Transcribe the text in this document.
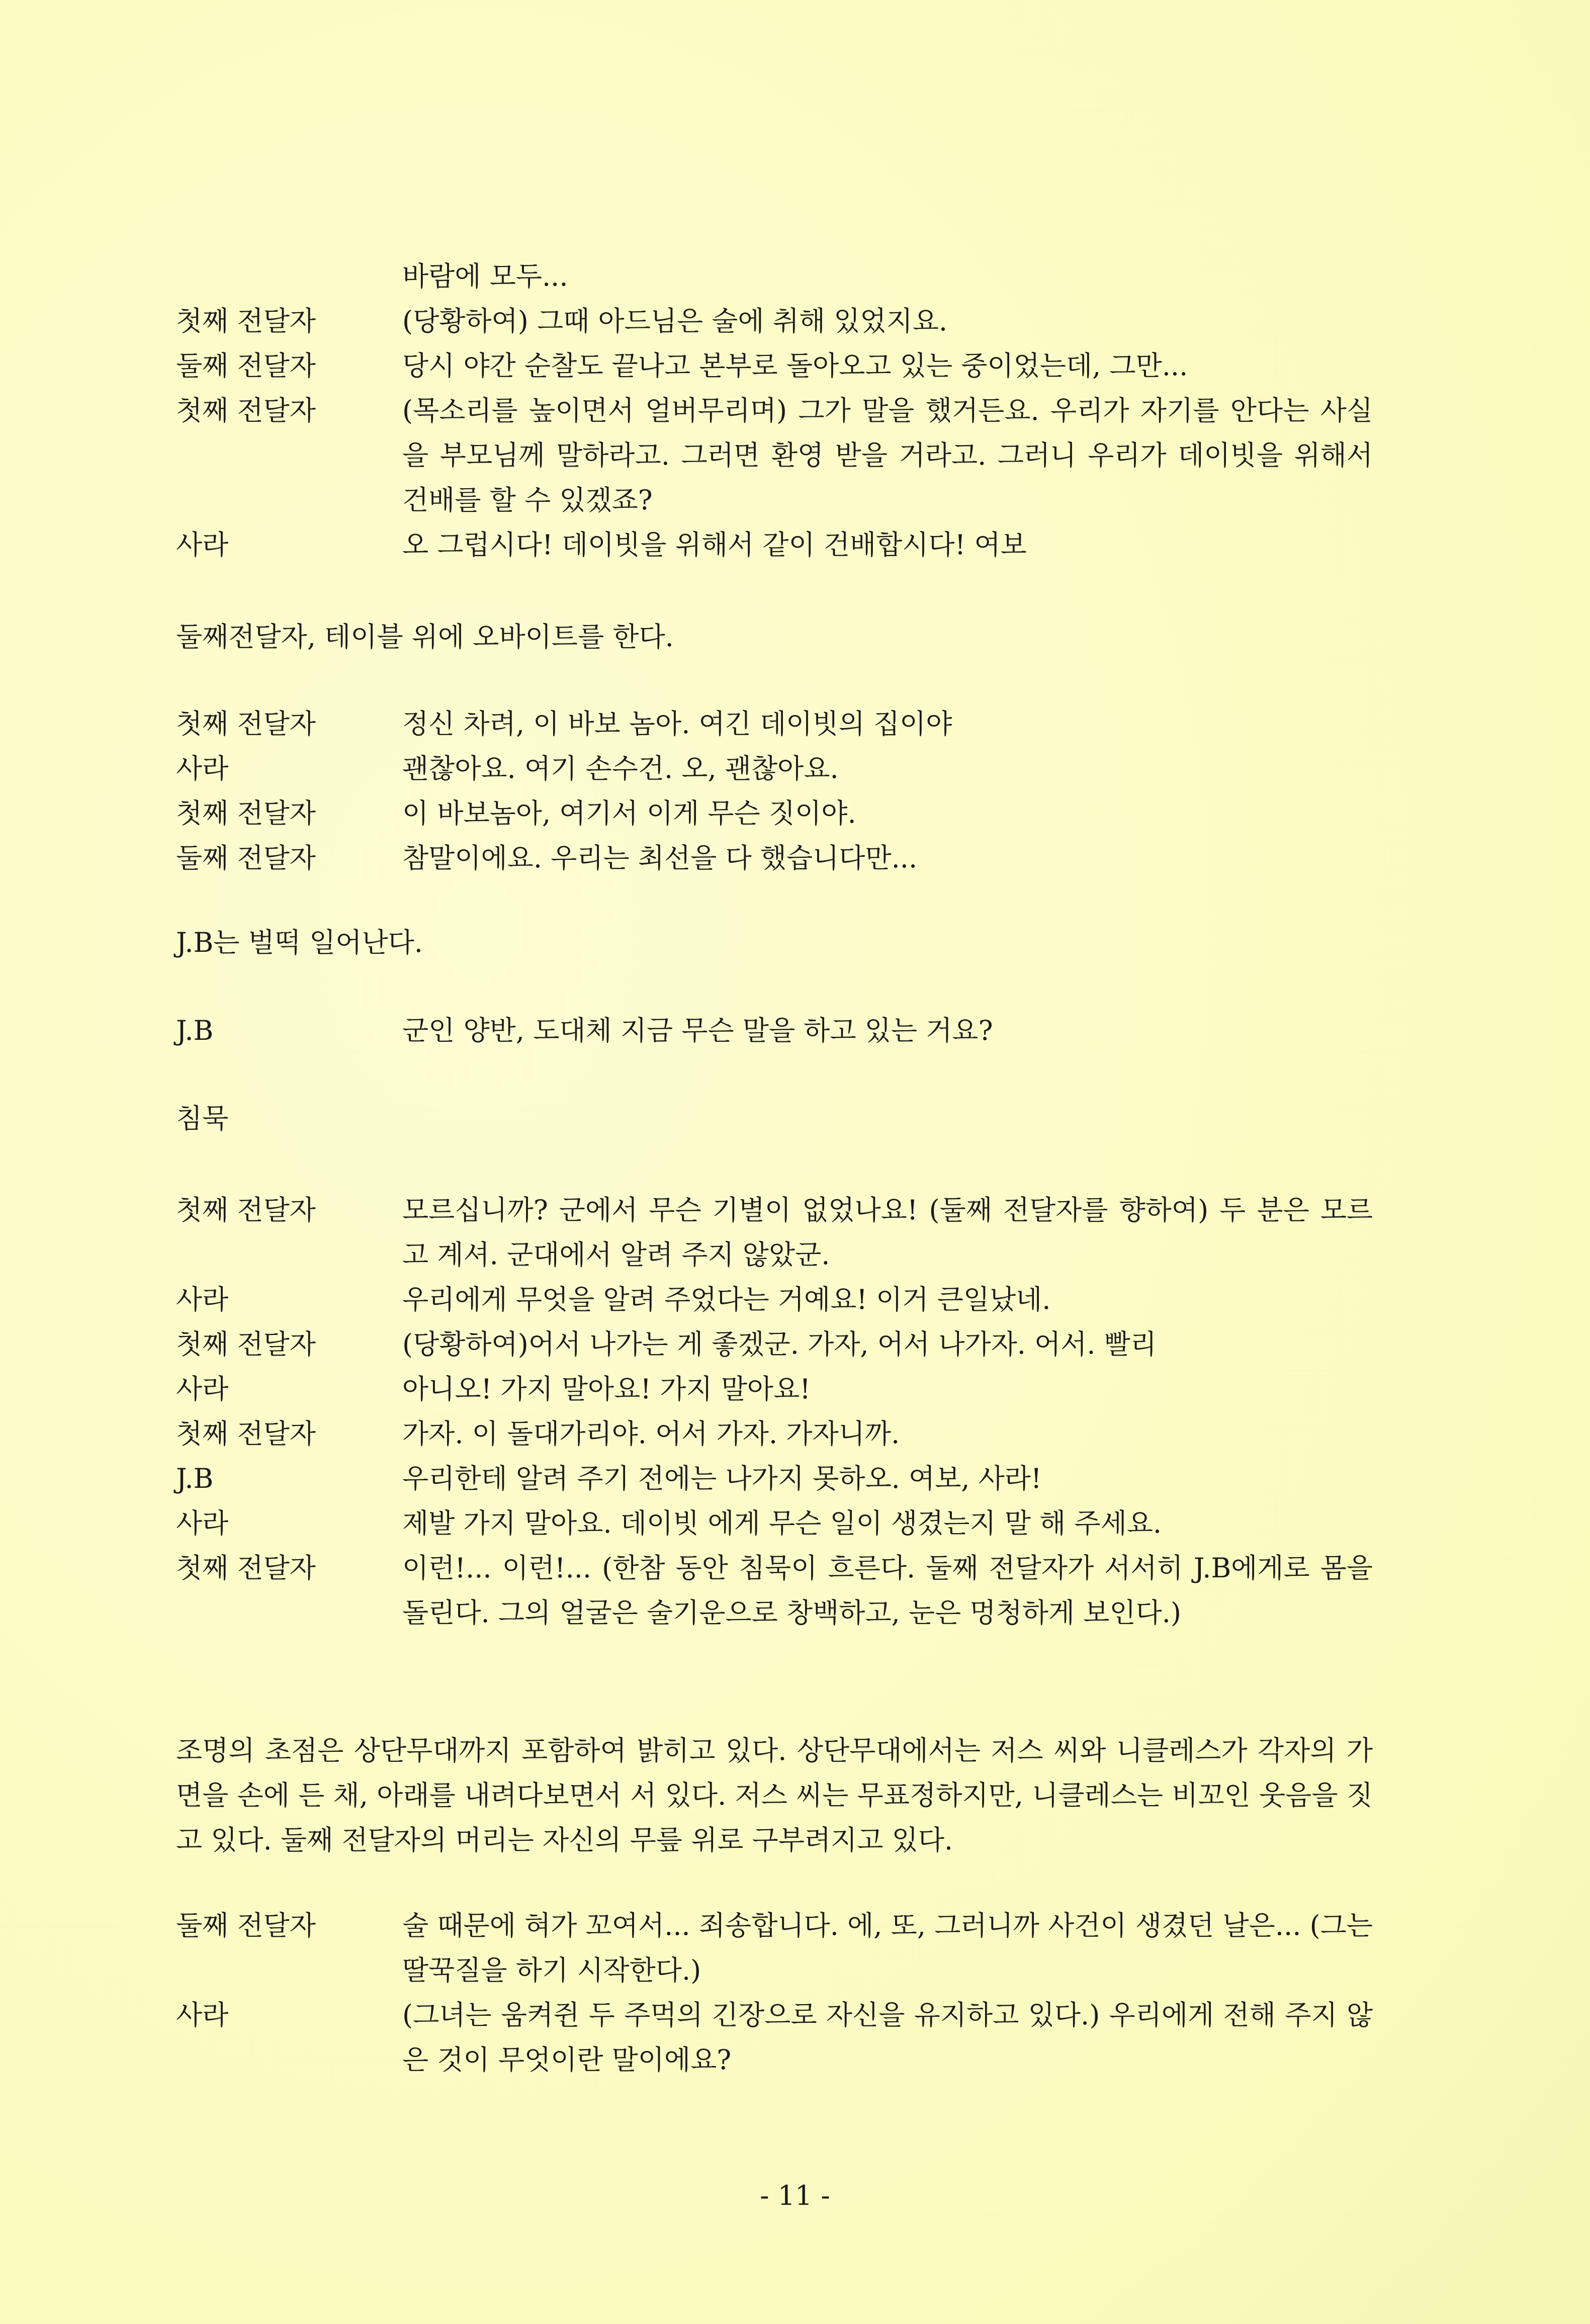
바람에 모두...
첫째 전달자	(당황하여) 그때 아드님은 술에 취해 있었지요.
둘째 전달자	당시 야간 순찰도 끝나고 본부로 돌아오고 있는 중이었는데, 그만...
첫째 전달자	(목소리를 높이면서 얼버무리며) 그가 말을 했거든요. 우리가 자기를 안다는 사실을 부모님께 말하라고. 그러면 환영 받을 거라고. 그러니 우리가 데이빗을 위해서 건배를 할 수 있겠죠?
사라	오 그럽시다! 데이빗을 위해서 같이 건배합시다! 여보
둘째전달자, 테이블 위에 오바이트를 한다.
첫째 전달자	정신 차려, 이 바보 놈아. 여긴 데이빗의 집이야
사라	괜찮아요. 여기 손수건. 오, 괜찮아요.
첫째 전달자	이 바보놈아, 여기서 이게 무슨 짓이야.
둘째 전달자	참말이에요. 우리는 최선을 다 했습니다만...
J.B는 벌떡 일어난다.
J.B	군인 양반, 도대체 지금 무슨 말을 하고 있는 거요?
침묵
첫째 전달자	모르십니까? 군에서 무슨 기별이 없었나요! (둘째 전달자를 향하여) 두 분은 모르고 계셔. 군대에서 알려 주지 않았군.
사라	우리에게 무엇을 알려 주었다는 거예요! 이거 큰일났네.
첫째 전달자	(당황하여)어서 나가는 게 좋겠군. 가자, 어서 나가자. 어서. 빨리
사라	아니오! 가지 말아요! 가지 말아요!
첫째 전달자	가자. 이 돌대가리야. 어서 가자. 가자니까.
J.B	우리한테 알려 주기 전에는 나가지 못하오. 여보, 사라!
사라	제발 가지 말아요. 데이빗 에게 무슨 일이 생겼는지 말 해 주세요.
첫째 전달자	이런!... 이런!... (한참 동안 침묵이 흐른다. 둘째 전달자가 서서히 J.B에게로 몸을 돌린다. 그의 얼굴은 술기운으로 창백하고, 눈은 멍청하게 보인다.)
조명의 초점은 상단무대까지 포함하여 밝히고 있다. 상단무대에서는 저스 씨와 니클레스가 각자의 가면을 손에 든 채, 아래를 내려다보면서 서 있다. 저스 씨는 무표정하지만, 니클레스는 비꼬인 웃음을 짓고 있다. 둘째 전달자의 머리는 자신의 무릎 위로 구부려지고 있다.
둘째 전달자	술 때문에 혀가 꼬여서... 죄송합니다. 에, 또, 그러니까 사건이 생겼던 날은... (그는 딸꾹질을 하기 시작한다.)
사라	(그녀는 움켜쥔 두 주먹의 긴장으로 자신을 유지하고 있다.) 우리에게 전해 주지 않은 것이 무엇이란 말이에요?
- 11 -
